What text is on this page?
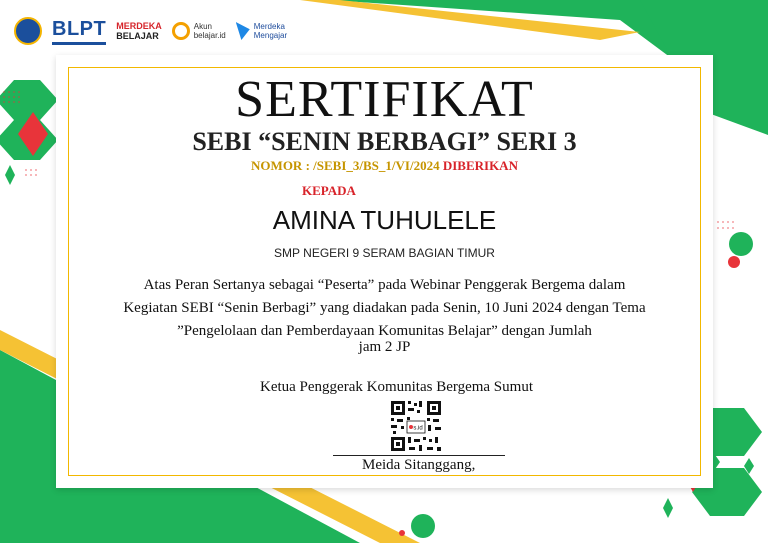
BLPT MERDEKA
BELAJAR
Akun
belajar.id
Merdeka
Mengajar
SERTIFIKAT
SEBI “SENIN BERBAGI” SERI 3
NOMOR : /SEBI_3/BS_1/VI/2024 DIBERIKAN
KEPADA
AMINA TUHULELE
SMP NEGERI 9 SERAM BAGIAN TIMUR
Atas Peran Sertanya sebagai “Peserta” pada Webinar Penggerak Bergema dalam
Kegiatan SEBI “Senin Berbagi” yang diadakan pada Senin, 10 Juni 2024 dengan Tema
”Pengelolaan dan Pemberdayaan Komunitas Belajar” dengan Jumlah
jam 2 JP
Ketua Penggerak Komunitas Bergema Sumut
s.id
Meida Sitanggang,
